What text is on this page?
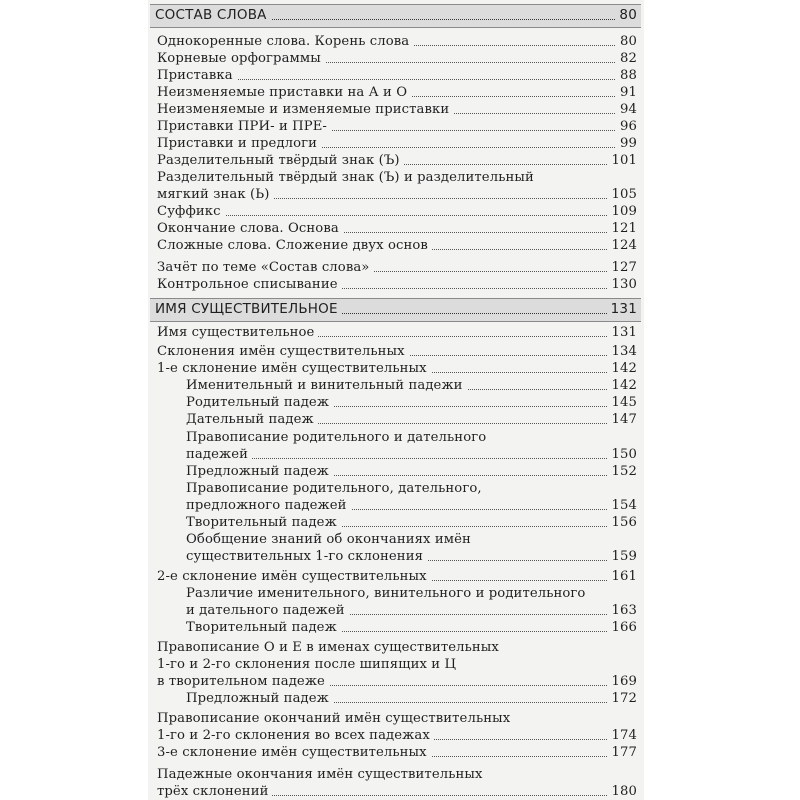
СОСТАВ СЛОВА	80
Однокоренные слова. Корень слова	80
Корневые орфограммы	82
Приставка	88
Неизменяемые приставки на А и О	91
Неизменяемые и изменяемые приставки	94
Приставки ПРИ- и ПРЕ-	96
Приставки и предлоги	99
Разделительный твёрдый знак (Ъ)	101
Разделительный твёрдый знак (Ъ) и разделительный
мягкий знак (Ь)	105
Суффикс	109
Окончание слова. Основа	121
Сложные слова. Сложение двух основ	124
Зачёт по теме «Состав слова»	127
Контрольное списывание	130
ИМЯ СУЩЕСТВИТЕЛЬНОЕ	131
Имя существительное	131
Склонения имён существительных	134
1-е склонение имён существительных	142
Именительный и винительный падежи	142
Родительный падеж	145
Дательный падеж	147
Правописание родительного и дательного
падежей	150
Предложный падеж	152
Правописание родительного, дательного,
предложного падежей	154
Творительный падеж	156
Обобщение знаний об окончаниях имён
существительных 1-го склонения	159
2-е склонение имён существительных	161
Различие именительного, винительного и родительного
и дательного падежей	163
Творительный падеж	166
Правописание О и Е в именах существительных
1-го и 2-го склонения после шипящих и Ц
в творительном падеже	169
Предложный падеж	172
Правописание окончаний имён существительных
1-го и 2-го склонения во всех падежах	174
3-е склонение имён существительных	177
Падежные окончания имён существительных
трёх склонений	180
